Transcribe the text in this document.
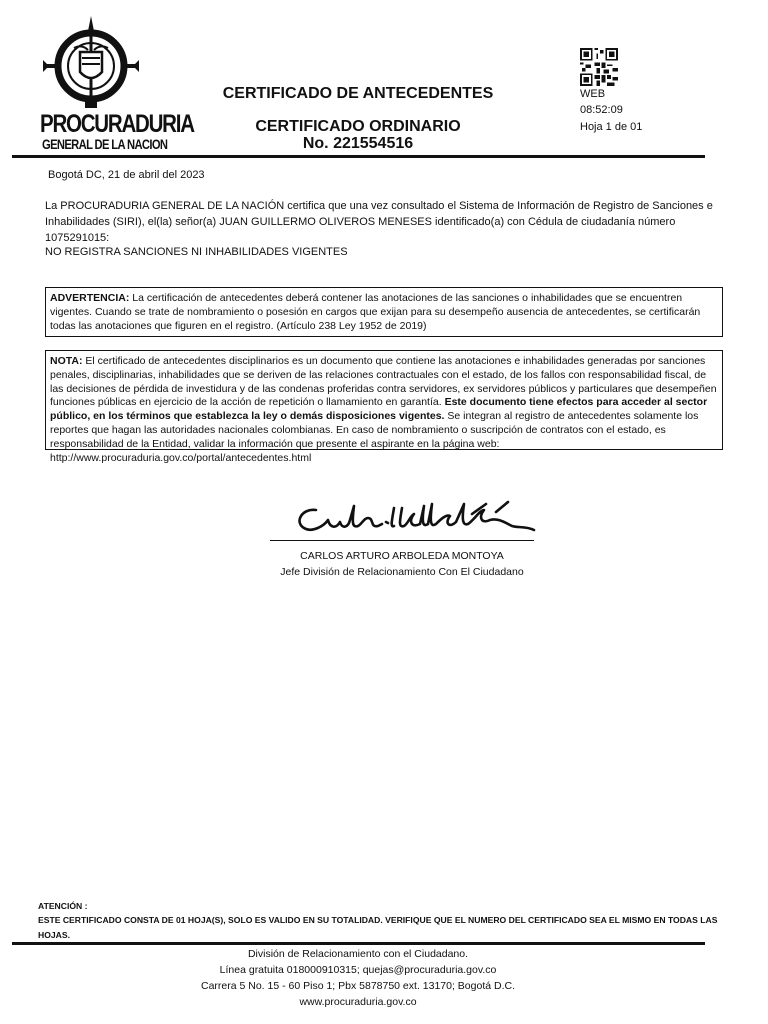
PROCURADURIA
GENERAL DE LA NACION
CERTIFICADO DE ANTECEDENTES
CERTIFICADO ORDINARIO
No. 221554516
WEB
08:52:09
Hoja 1 de 01
Bogotá DC, 21 de abril del 2023
La PROCURADURIA GENERAL DE LA NACIÓN certifica que una vez consultado el Sistema de Información de Registro de Sanciones e Inhabilidades (SIRI), el(la) señor(a) JUAN GUILLERMO OLIVEROS MENESES identificado(a) con Cédula de ciudadanía número 1075291015:
NO REGISTRA SANCIONES NI INHABILIDADES VIGENTES
ADVERTENCIA: La certificación de antecedentes deberá contener las anotaciones de las sanciones o inhabilidades que se encuentren vigentes. Cuando se trate de nombramiento o posesión en cargos que exijan para su desempeño ausencia de antecedentes, se certificarán todas las anotaciones que figuren en el registro. (Artículo 238 Ley 1952 de 2019)
NOTA: El certificado de antecedentes disciplinarios es un documento que contiene las anotaciones e inhabilidades generadas por sanciones penales, disciplinarias, inhabilidades que se deriven de las relaciones contractuales con el estado, de los fallos con responsabilidad fiscal, de las decisiones de pérdida de investidura y de las condenas proferidas contra servidores, ex servidores públicos y particulares que desempeñen funciones públicas en ejercicio de la acción de repetición o llamamiento en garantía. Este documento tiene efectos para acceder al sector público, en los términos que establezca la ley o demás disposiciones vigentes. Se integran al registro de antecedentes solamente los reportes que hagan las autoridades nacionales colombianas. En caso de nombramiento o suscripción de contratos con el estado, es responsabilidad de la Entidad, validar la información que presente el aspirante en la página web: http://www.procuraduria.gov.co/portal/antecedentes.html
CARLOS ARTURO ARBOLEDA MONTOYA
Jefe División de Relacionamiento Con El Ciudadano
ATENCIÓN :
ESTE CERTIFICADO CONSTA DE 01 HOJA(S), SOLO ES VALIDO EN SU TOTALIDAD. VERIFIQUE QUE EL NUMERO DEL CERTIFICADO SEA EL MISMO EN TODAS LAS HOJAS.
División de Relacionamiento con el Ciudadano.
Línea gratuita 018000910315; quejas@procuraduria.gov.co
Carrera 5 No. 15 - 60 Piso 1; Pbx 5878750 ext. 13170; Bogotá D.C.
www.procuraduria.gov.co
